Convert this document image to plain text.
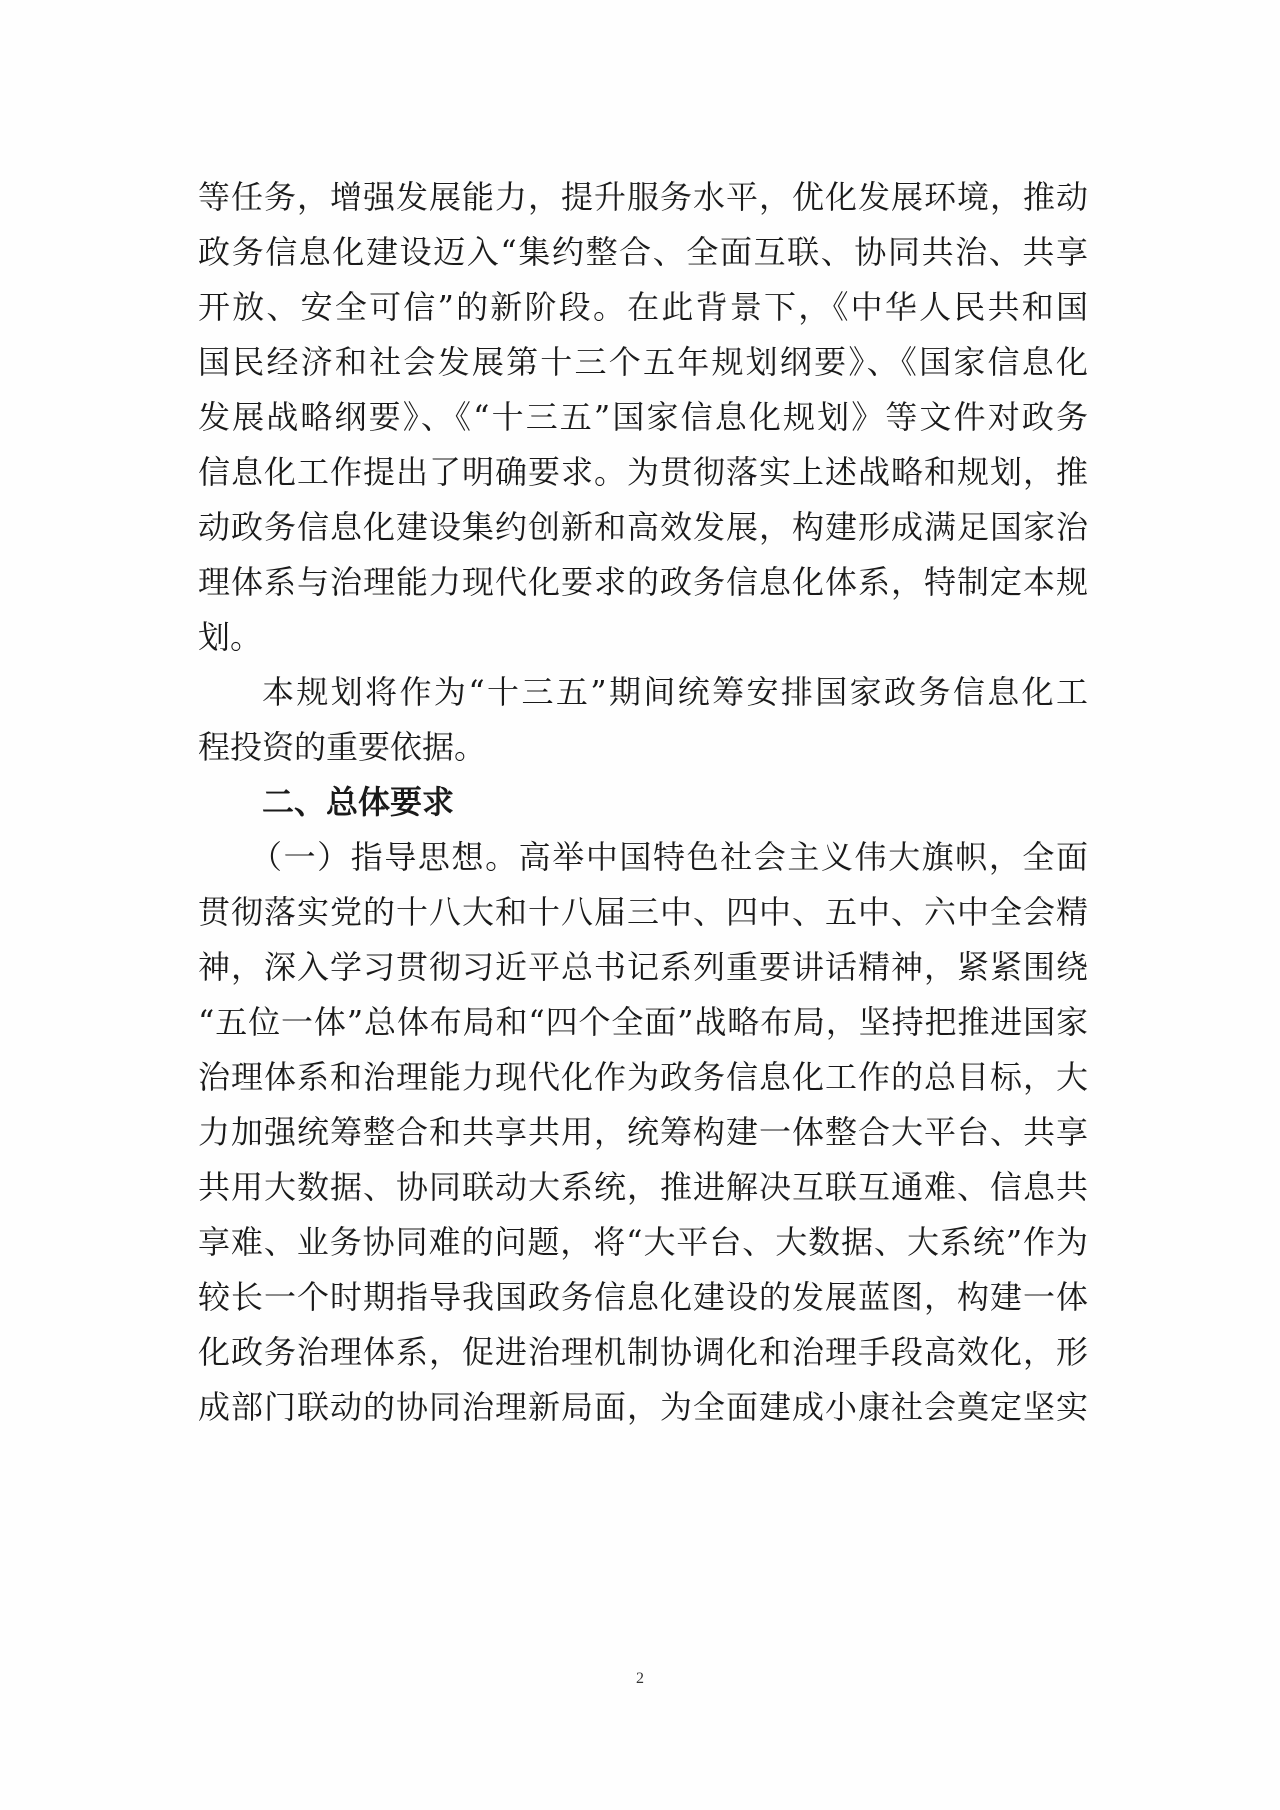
等任务，增强发展能力，提升服务水平，优化发展环境，推动
政务信息化建设迈入“集约整合、全面互联、协同共治、共享
开放、安全可信”的新阶段。在此背景下，《中华人民共和国
国民经济和社会发展第十三个五年规划纲要》、《国家信息化
发展战略纲要》、《“十三五”国家信息化规划》等文件对政务
信息化工作提出了明确要求。为贯彻落实上述战略和规划，推
动政务信息化建设集约创新和高效发展，构建形成满足国家治
理体系与治理能力现代化要求的政务信息化体系，特制定本规
划。
本规划将作为“十三五”期间统筹安排国家政务信息化工
程投资的重要依据。
二、总体要求
（一）指导思想。高举中国特色社会主义伟大旗帜，全面
贯彻落实党的十八大和十八届三中、四中、五中、六中全会精
神，深入学习贯彻习近平总书记系列重要讲话精神，紧紧围绕
“五位一体”总体布局和“四个全面”战略布局，坚持把推进国家
治理体系和治理能力现代化作为政务信息化工作的总目标，大
力加强统筹整合和共享共用，统筹构建一体整合大平台、共享
共用大数据、协同联动大系统，推进解决互联互通难、信息共
享难、业务协同难的问题，将“大平台、大数据、大系统”作为
较长一个时期指导我国政务信息化建设的发展蓝图，构建一体
化政务治理体系，促进治理机制协调化和治理手段高效化，形
成部门联动的协同治理新局面，为全面建成小康社会奠定坚实
2
